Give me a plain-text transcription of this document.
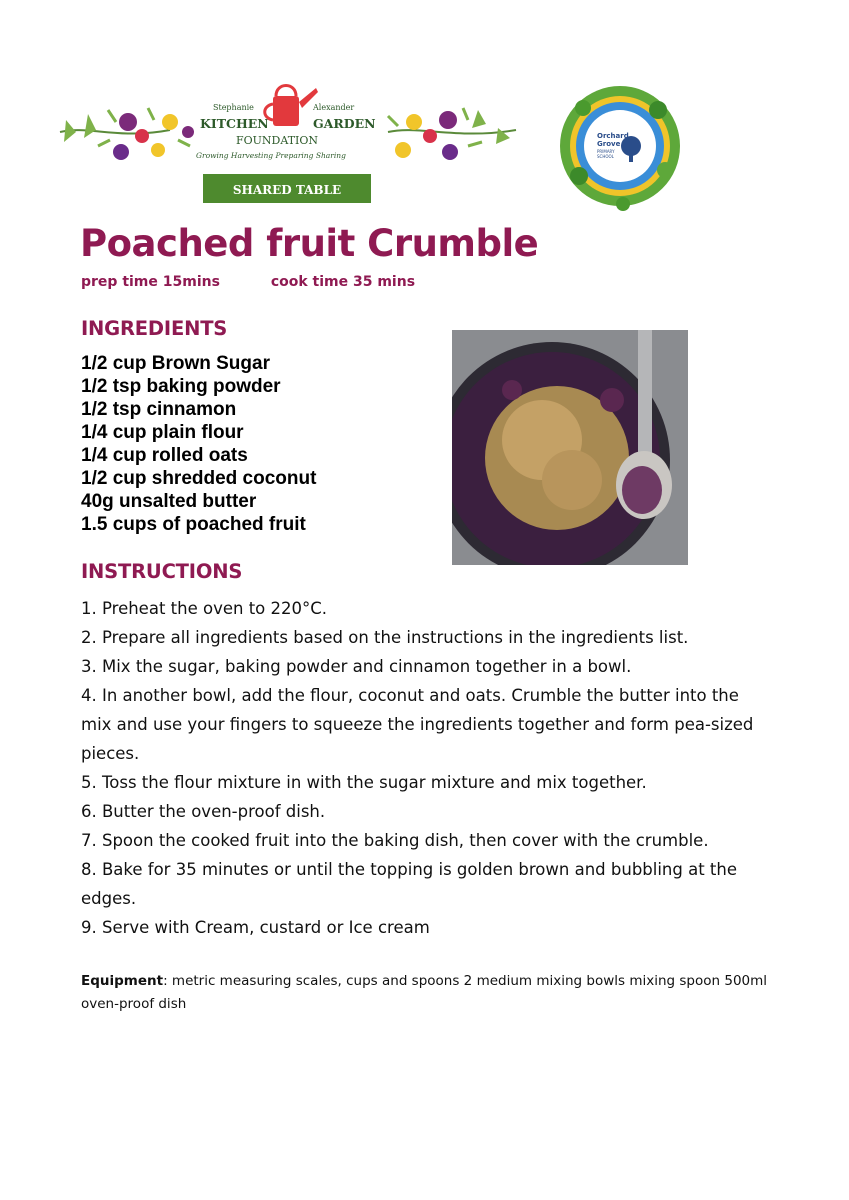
Stephanie	Alexander
KITCHEN	GARDEN
FOUNDATION
Growing Harvesting Preparing Sharing
SHARED TABLE
Orchard
Grove
PRIMARY
SCHOOL
Poached fruit Crumble
prep time 15mins	cook time 35 mins
INGREDIENTS
1/2 cup Brown Sugar
1/2 tsp baking powder
1/2 tsp cinnamon
1/4 cup plain flour
1/4 cup rolled oats
1/2 cup shredded coconut
40g unsalted butter
1.5 cups of poached fruit
INSTRUCTIONS
1. Preheat the oven to 220°C.
2. Prepare all ingredients based on the instructions in the ingredients list.
3. Mix the sugar, baking powder and cinnamon together in a bowl.
4. In another bowl, add the flour, coconut and oats. Crumble the butter into the mix and use your fingers to squeeze the ingredients together and form pea-sized pieces.
5. Toss the flour mixture in with the sugar mixture and mix together.
6. Butter the oven-proof dish.
7. Spoon the cooked fruit into the baking dish, then cover with the crumble.
8. Bake for 35 minutes or until the topping is golden brown and bubbling at the edges.
9. Serve with Cream, custard or Ice cream
Equipment: metric measuring scales, cups and spoons 2 medium mixing bowls mixing spoon 500ml oven-proof dish
